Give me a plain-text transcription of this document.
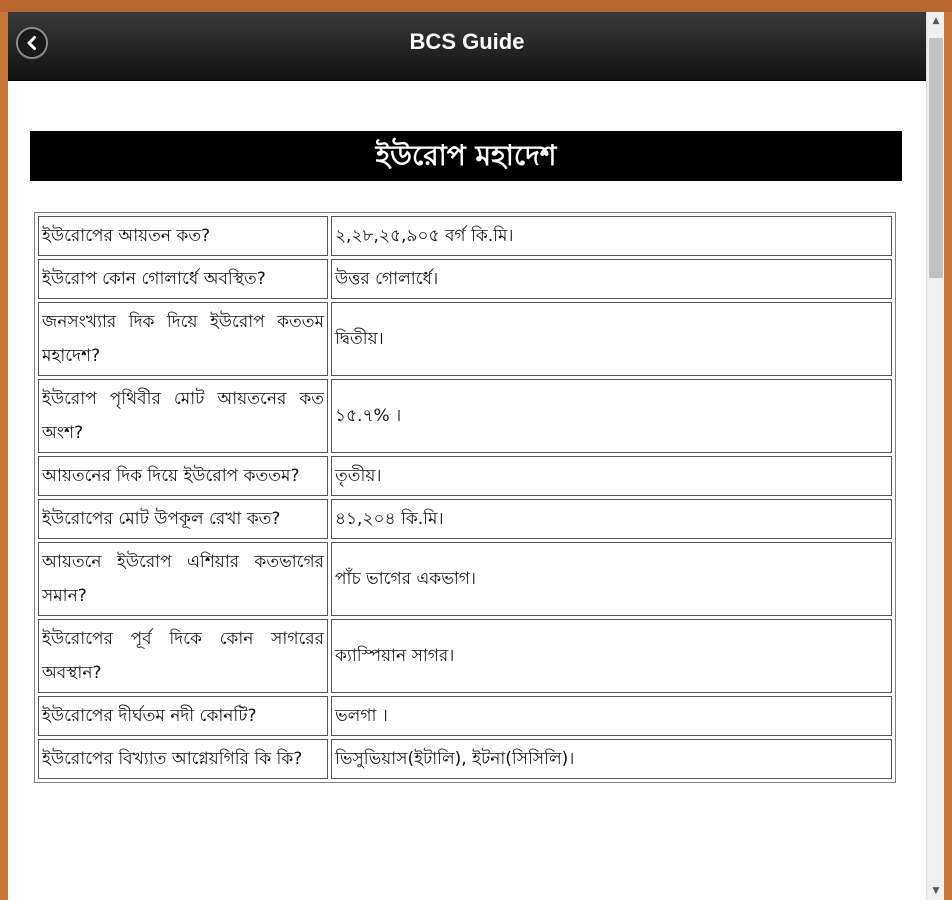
BCS Guide
ইউরোপ মহাদেশ
ইউরোপের আয়তন কত?	২,২৮,২৫,৯০৫ বর্গ কি.মি।
ইউরোপ কোন গোলার্ধে অবস্থিত?	উত্তর গোলার্ধে।
জনসংখ্যার দিক দিয়ে ইউরোপ কততম মহাদেশ?	দ্বিতীয়।
ইউরোপ পৃথিবীর মোট আয়তনের কত অংশ?	১৫.৭% ।
আয়তনের দিক দিয়ে ইউরোপ কততম?	তৃতীয়।
ইউরোপের মোট উপকূল রেখা কত?	৪১,২০৪ কি.মি।
আয়তনে ইউরোপ এশিয়ার কতভাগের সমান?	পাঁচ ভাগের একভাগ।
ইউরোপের পূর্ব দিকে কোন সাগরের অবস্থান?	ক্যাস্পিয়ান সাগর।
ইউরোপের দীর্ঘতম নদী কোনটি?	ভলগা ।
ইউরোপের বিখ্যাত আগ্নেয়গিরি কি কি?	ভিসুভিয়াস(ইটালি), ইটনা(সিসিলি)।
▲
▼
